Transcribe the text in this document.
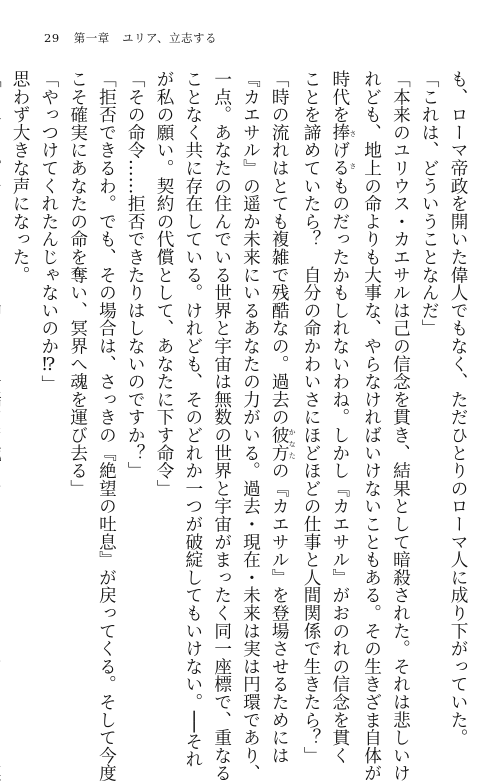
29 第一章 ユリア、立志する
も、ローマ帝政を開いた偉人でもなく、ただひとりのローマ人に成り下がっていた。
「これは、どういうことなんだ」
「本来のユリウス・カエサルは己の信念を貫き、結果として暗殺された。それは悲しいけ
れども、地上の命よりも大事な、やらなければいけないこともある。その生きざま自体が
時代を捧げる ささものだったかもしれないわね。しかし『カエサル』がおのれの信念を貫く
ことを諦めていたら？　自分の命かわいさにほどほどの仕事と人間関係で生きたら？」
「時の流れはとても複雑で残酷なの。過去の彼方 かなたの『カエサル』を登場させるためには
『カエサル』の遥か未来にいるあなたの力がいる。過去・現在・未来は実は円環であり、
一点。あなたの住んでいる世界と宇宙は無数の世界と宇宙がまったく同一座標で、重なる
ことなく共に存在している。けれども、そのどれか一つが破綻してもいけない。──それ
が私の願い。契約の代償として、あなたに下す命令」
「その命令……拒否できたりはしないのですか？」
「拒否できるわ。でも、その場合は、さっきの『絶望の吐息』が戻ってくる。そして今度
こそ確実にあなたの命を奪い、冥界へ魂を運び去る」
「やっつけてくれたんじゃないのか⁉」
思わず大きな声になった。
